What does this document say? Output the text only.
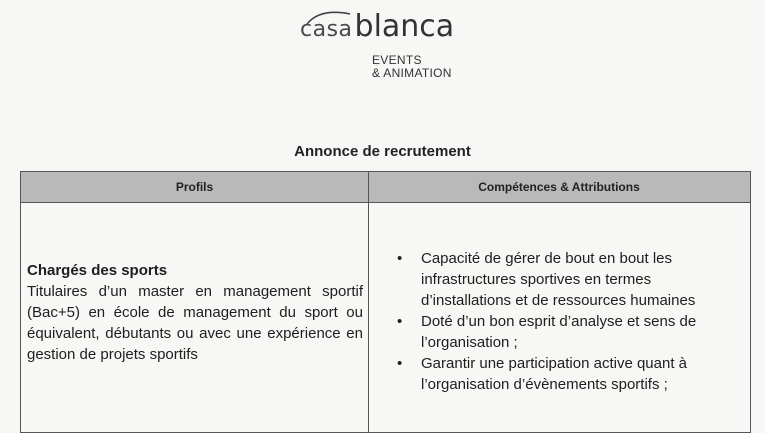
casablanca
EVENTS
& ANIMATION
Annonce de recrutement
Profils	Compétences & Attributions
Chargés des sports
Titulaires d’un master en management sportif (Bac+5) en école de management du sport ou équivalent, débutants ou avec une expérience en gestion de projets sportifs
• Capacité de gérer de bout en bout les infrastructures sportives en termes d’installations et de ressources humaines
• Doté d’un bon esprit d’analyse et sens de l’organisation ;
• Garantir une participation active quant à l’organisation d’évènements sportifs ;
